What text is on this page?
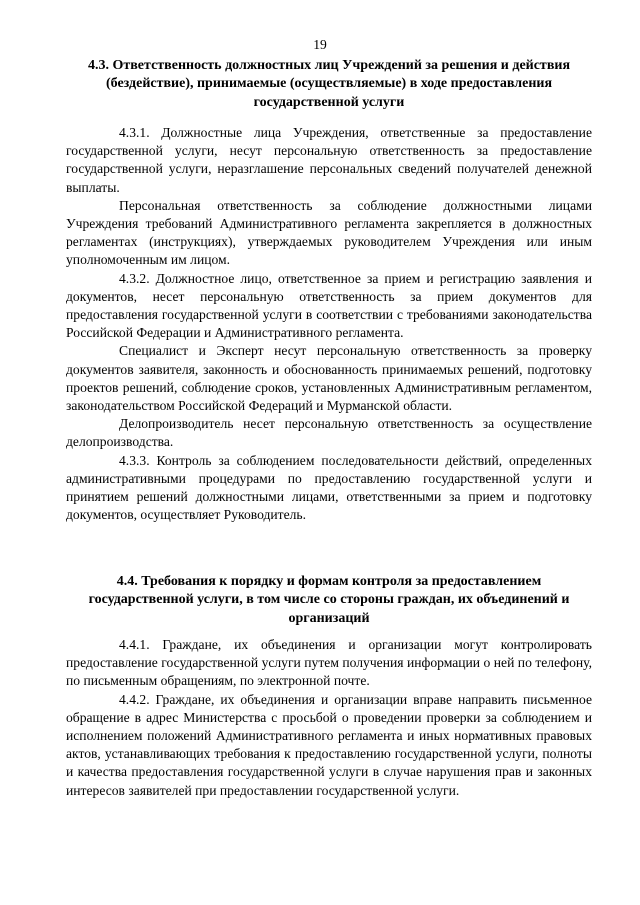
19
4.3. Ответственность должностных лиц Учреждений за решения и действия (бездействие), принимаемые (осуществляемые) в ходе предоставления государственной услуги

4.3.1. Должностные лица Учреждения, ответственные за предоставление государственной услуги, несут персональную ответственность за предоставление государственной услуги, неразглашение персональных сведений получателей денежной выплаты.

Персональная ответственность за соблюдение должностными лицами Учреждения требований Административного регламента закрепляется в должностных регламентах (инструкциях), утверждаемых руководителем Учреждения или иным уполномоченным им лицом.

4.3.2. Должностное лицо, ответственное за прием и регистрацию заявления и документов, несет персональную ответственность за прием документов для предоставления государственной услуги в соответствии с требованиями законодательства Российской Федерации и Административного регламента.

Специалист и Эксперт несут персональную ответственность за проверку документов заявителя, законность и обоснованность принимаемых решений, подготовку проектов решений, соблюдение сроков, установленных Административным регламентом, законодательством Российской Федераций и Мурманской области.

Делопроизводитель несет персональную ответственность за осуществление делопроизводства.

4.3.3. Контроль за соблюдением последовательности действий, определенных административными процедурами по предоставлению государственной услуги и принятием решений должностными лицами, ответственными за прием и подготовку документов, осуществляет Руководитель.

4.4. Требования к порядку и формам контроля за предоставлением государственной услуги, в том числе со стороны граждан, их объединений и организаций

4.4.1. Граждане, их объединения и организации могут контролировать предоставление государственной услуги путем получения информации о ней по телефону, по письменным обращениям, по электронной почте.

4.4.2. Граждане, их объединения и организации вправе направить письменное обращение в адрес Министерства с просьбой о проведении проверки за соблюдением и исполнением положений Административного регламента и иных нормативных правовых актов, устанавливающих требования к предоставлению государственной услуги, полноты и качества предоставления государственной услуги в случае нарушения прав и законных интересов заявителей при предоставлении государственной услуги.
